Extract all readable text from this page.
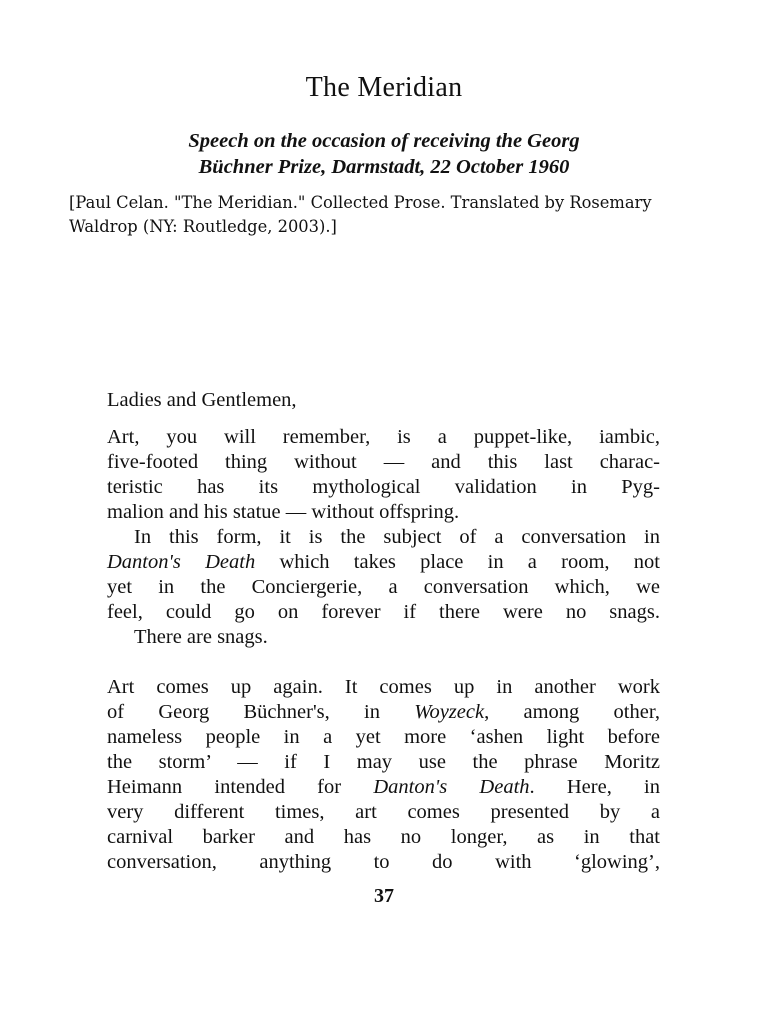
The Meridian
Speech on the occasion of receiving the Georg
Büchner Prize, Darmstadt, 22 October 1960
[Paul Celan. "The Meridian." Collected Prose. Translated by Rosemary
Waldrop (NY: Routledge, 2003).]
Ladies and Gentlemen,
Art, you will remember, is a puppet-like, iambic,
five-footed thing without — and this last charac-
teristic has its mythological validation in Pyg-
malion and his statue — without offspring.
In this form, it is the subject of a conversation in
Danton's Death which takes place in a room, not
yet in the Conciergerie, a conversation which, we
feel, could go on forever if there were no snags.
There are snags.
Art comes up again. It comes up in another work
of Georg Büchner's, in Woyzeck, among other,
nameless people in a yet more ‘ashen light before
the storm’ — if I may use the phrase Moritz
Heimann intended for Danton's Death. Here, in
very different times, art comes presented by a
carnival barker and has no longer, as in that
conversation, anything to do with ‘glowing’,
37
